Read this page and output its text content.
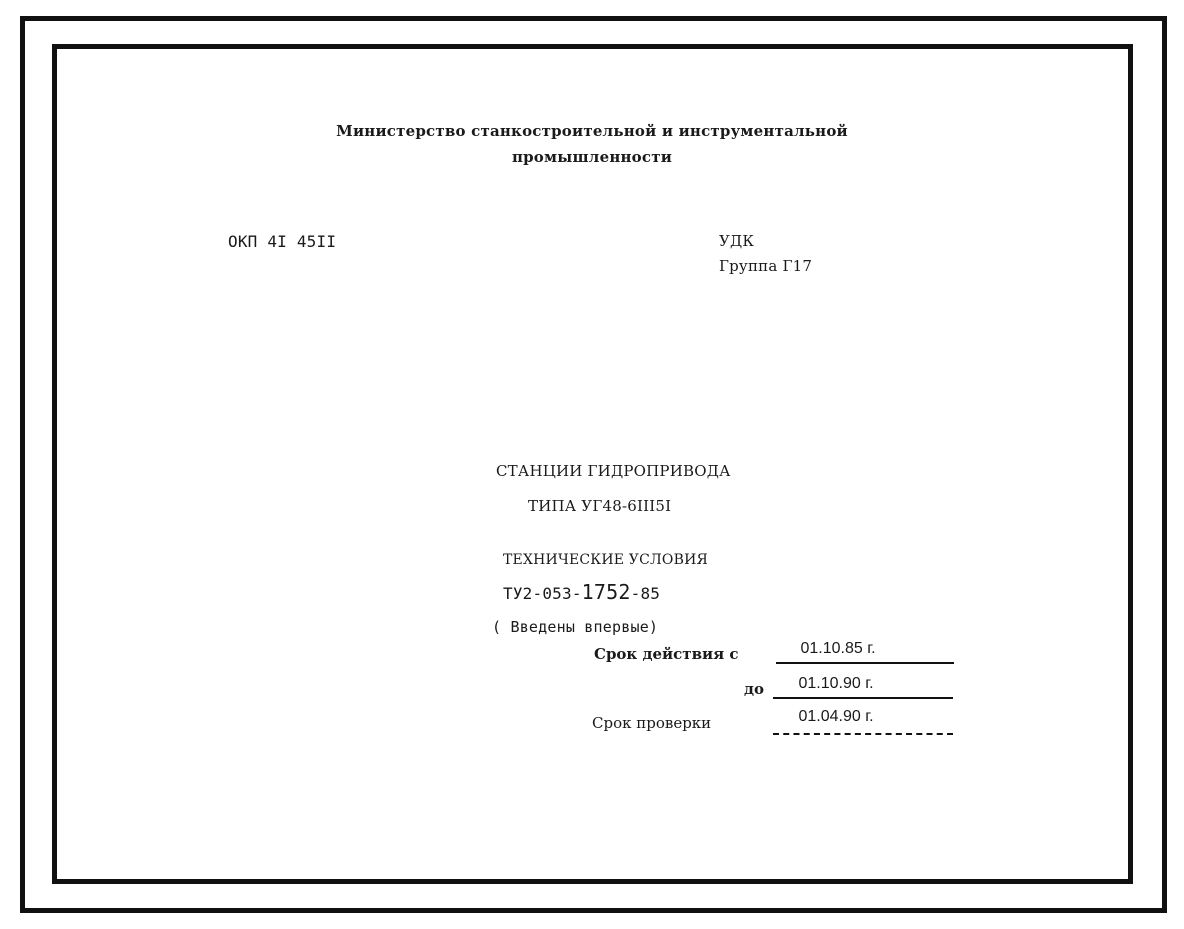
Министерство станкостроительной и инструментальной
промышленности
ОКП 4I 45II	УДК
Группа Г17
СТАНЦИИ ГИДРОПРИВОДА
ТИПА УГ48-6III5I
ТЕХНИЧЕСКИЕ УСЛОВИЯ
ТУ2-053-1752-85
( Введены впервые)
Срок действия с	01.10.85 г.
до	01.10.90 г.
Срок проверки	01.04.90 г.
